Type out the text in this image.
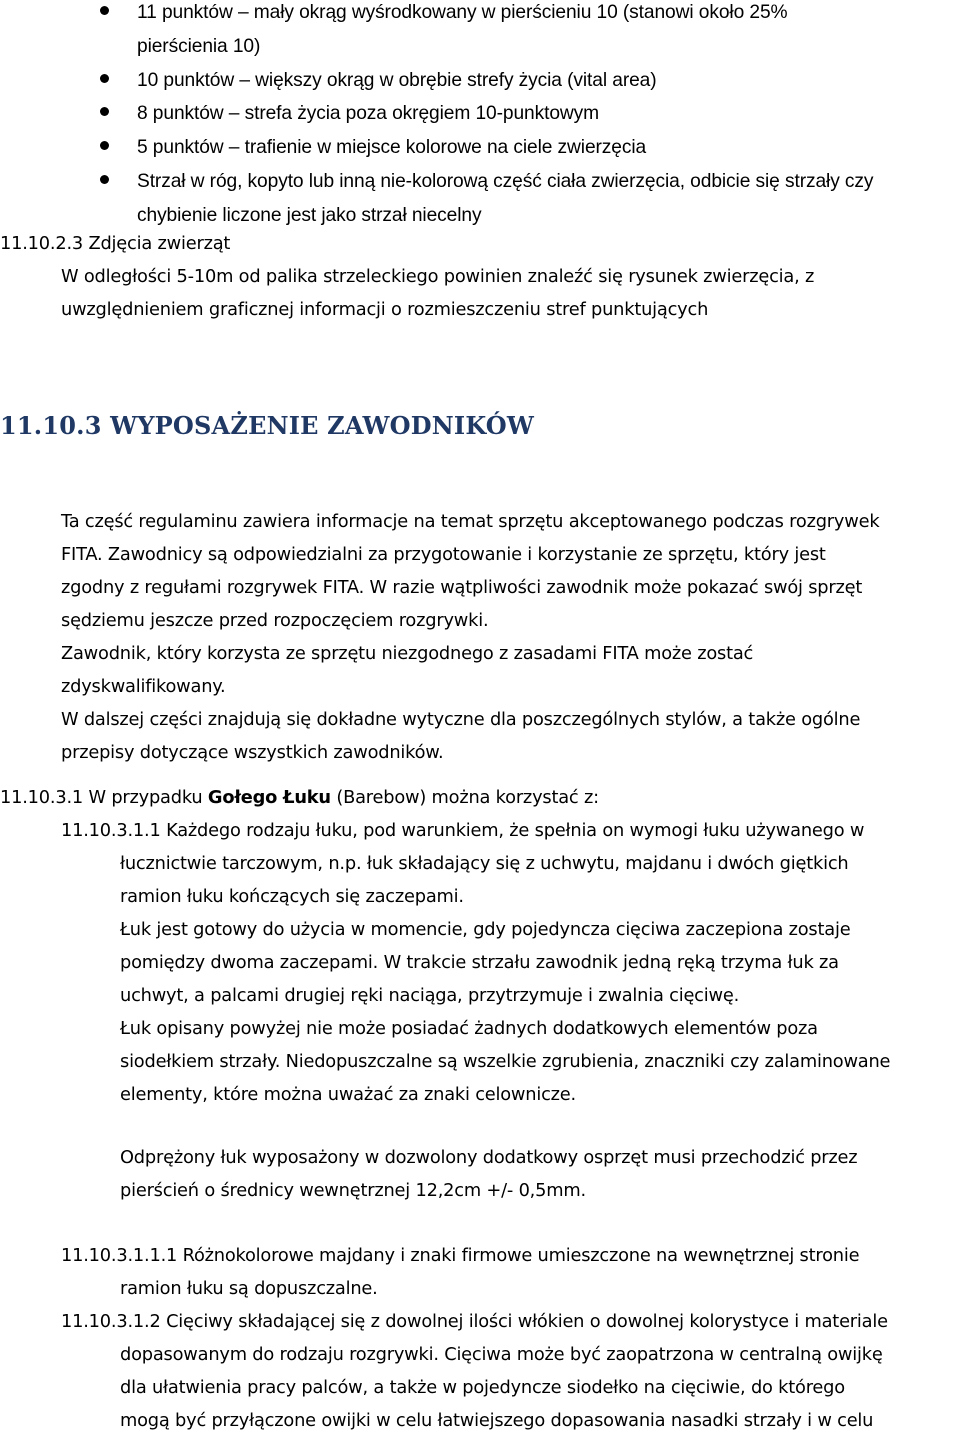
11 punktów – mały okrąg wyśrodkowany w pierścieniu 10 (stanowi około 25%
pierścienia 10)
10 punktów – większy okrąg w obrębie strefy życia (vital area)
8 punktów – strefa życia poza okręgiem 10-punktowym
5 punktów – trafienie w miejsce kolorowe na ciele zwierzęcia
Strzał w róg, kopyto lub inną nie-kolorową część ciała zwierzęcia, odbicie się strzały czy
chybienie liczone jest jako strzał niecelny
11.10.2.3 Zdjęcia zwierząt
W odległości 5-10m od palika strzeleckiego powinien znaleźć się rysunek zwierzęcia, z
uwzględnieniem graficznej informacji o rozmieszczeniu stref punktujących
11.10.3 WYPOSAŻENIE ZAWODNIKÓW
Ta część regulaminu zawiera informacje na temat sprzętu akceptowanego podczas rozgrywek
FITA. Zawodnicy są odpowiedzialni za przygotowanie i korzystanie ze sprzętu, który jest
zgodny z regułami rozgrywek FITA. W razie wątpliwości zawodnik może pokazać swój sprzęt
sędziemu jeszcze przed rozpoczęciem rozgrywki.
Zawodnik, który korzysta ze sprzętu niezgodnego z zasadami FITA może zostać
zdyskwalifikowany.
W dalszej części znajdują się dokładne wytyczne dla poszczególnych stylów, a także ogólne
przepisy dotyczące wszystkich zawodników.
11.10.3.1 W przypadku Gołego Łuku (Barebow) można korzystać z:
11.10.3.1.1 Każdego rodzaju łuku, pod warunkiem, że spełnia on wymogi łuku używanego w
łucznictwie tarczowym, n.p. łuk składający się z uchwytu, majdanu i dwóch giętkich
ramion łuku kończących się zaczepami.
Łuk jest gotowy do użycia w momencie, gdy pojedyncza cięciwa zaczepiona zostaje
pomiędzy dwoma zaczepami. W trakcie strzału zawodnik jedną ręką trzyma łuk za
uchwyt, a palcami drugiej ręki naciąga, przytrzymuje i zwalnia cięciwę.
Łuk opisany powyżej nie może posiadać żadnych dodatkowych elementów poza
siodełkiem strzały. Niedopuszczalne są wszelkie zgrubienia, znaczniki czy zalaminowane
elementy, które można uważać za znaki celownicze.
Odprężony łuk wyposażony w dozwolony dodatkowy osprzęt musi przechodzić przez
pierścień o średnicy wewnętrznej 12,2cm +/- 0,5mm.
11.10.3.1.1.1 Różnokolorowe majdany i znaki firmowe umieszczone na wewnętrznej stronie
ramion łuku są dopuszczalne.
11.10.3.1.2 Cięciwy składającej się z dowolnej ilości włókien o dowolnej kolorystyce i materiale
dopasowanym do rodzaju rozgrywki. Cięciwa może być zaopatrzona w centralną owijkę
dla ułatwienia pracy palców, a także w pojedyncze siodełko na cięciwie, do którego
mogą być przyłączone owijki w celu łatwiejszego dopasowania nasadki strzały i w celu
